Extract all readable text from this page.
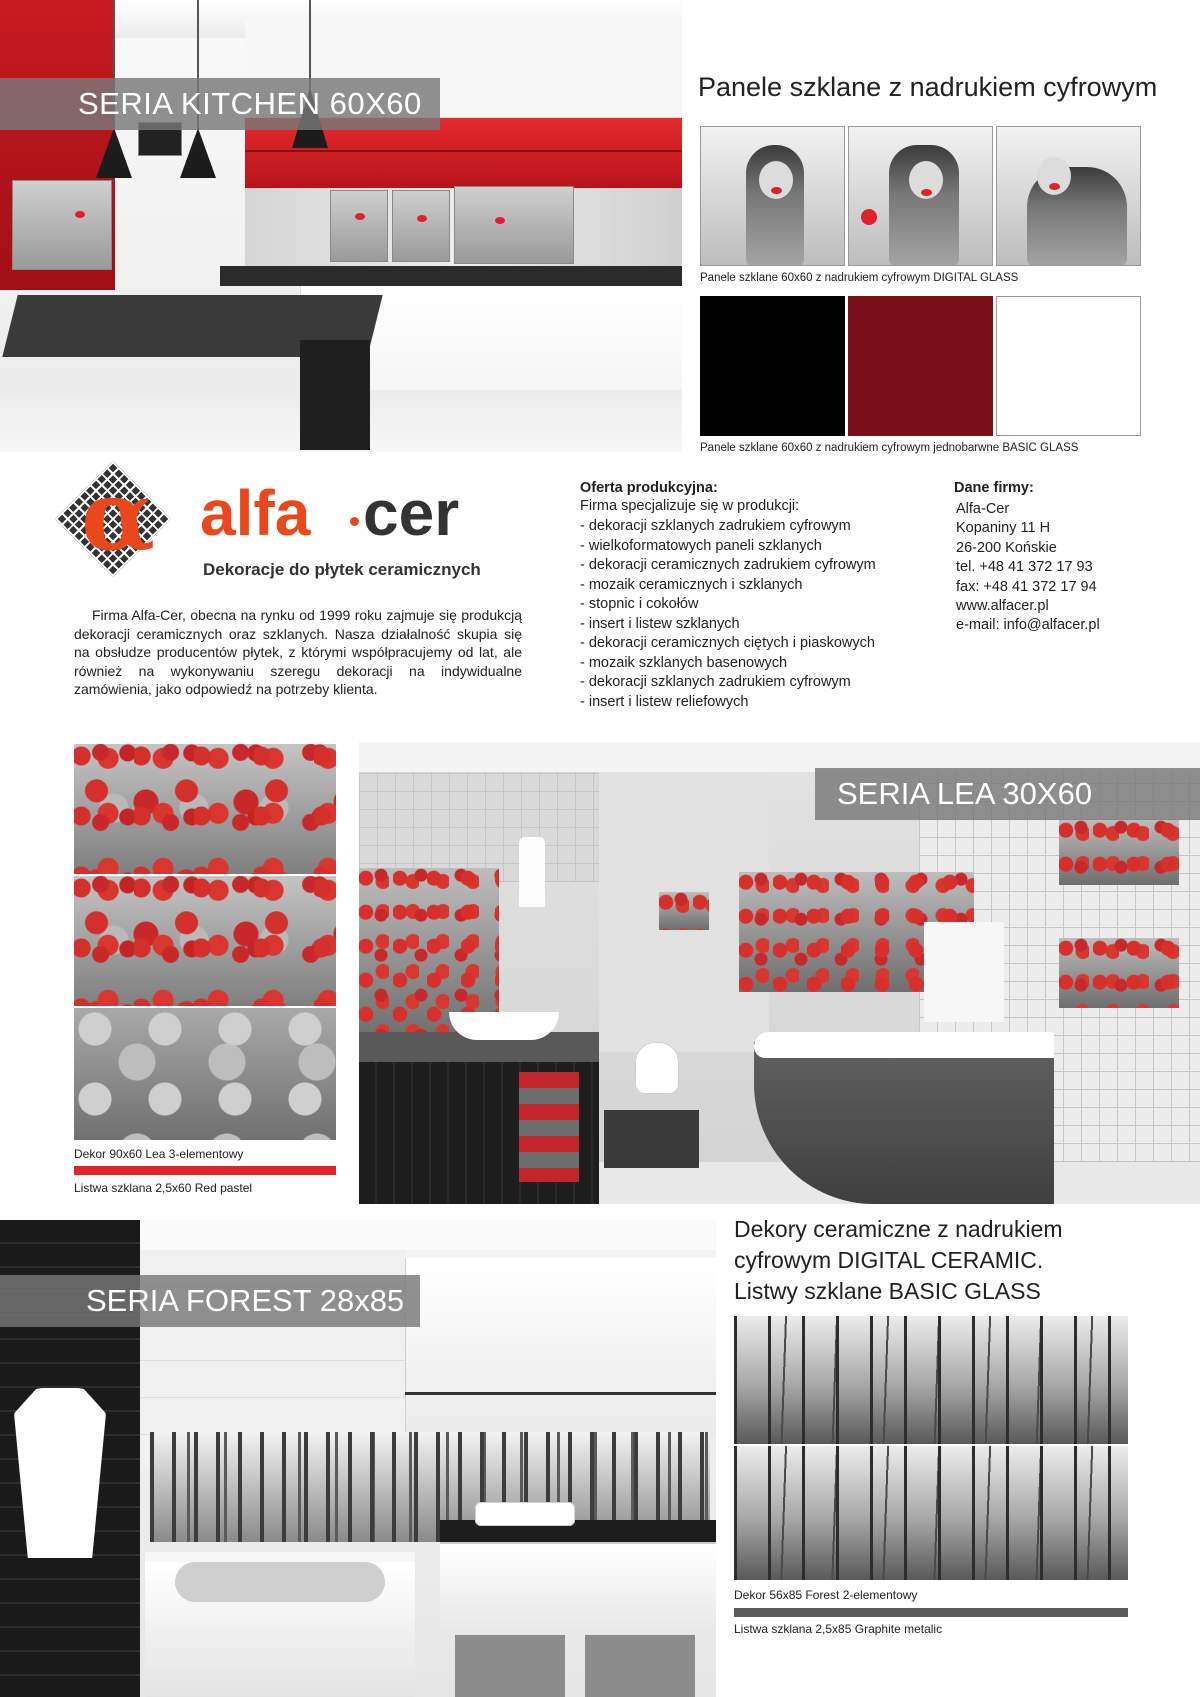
SERIA KITCHEN 60X60	Panele szklane z nadrukiem cyfrowym
Panele szklane 60x60 z nadrukiem cyfrowym DIGITAL GLASS
Panele szklane 60x60 z nadrukiem cyfrowym jednobarwne BASIC GLASS
α alfa cer
Dekoracje do płytek ceramicznych
Firma Alfa-Cer, obecna na rynku od 1999 roku zajmuje się produkcją dekoracji ceramicznych oraz szklanych. Nasza działalność skupia się na obsłudze producentów płytek, z którymi współpracujemy od lat, ale również na wykonywaniu szeregu dekoracji na indywidualne zamówienia, jako odpowiedź na potrzeby klienta.
Oferta produkcyjna:
Firma specjalizuje się w produkcji:
- dekoracji szklanych zadrukiem cyfrowym
- wielkoformatowych paneli szklanych
- dekoracji ceramicznych zadrukiem cyfrowym
- mozaik ceramicznych i szklanych
- stopnic i cokołów
- insert i listew szklanych
- dekoracji ceramicznych ciętych i piaskowych
- mozaik szklanych basenowych
- dekoracji szklanych zadrukiem cyfrowym
- insert i listew reliefowych
Dane firmy:
Alfa-Cer
Kopaniny 11 H
26-200 Końskie
tel. +48 41 372 17 93
fax: +48 41 372 17 94
www.alfacer.pl
e-mail: info@alfacer.pl
Dekor 90x60 Lea 3-elementowy
Listwa szklana 2,5x60 Red pastel
SERIA LEA 30X60
SERIA FOREST 28x85
Dekory ceramiczne z nadrukiem
cyfrowym DIGITAL CERAMIC.
Listwy szklane BASIC GLASS
Dekor 56x85 Forest 2-elementowy
Listwa szklana 2,5x85 Graphite metalic
